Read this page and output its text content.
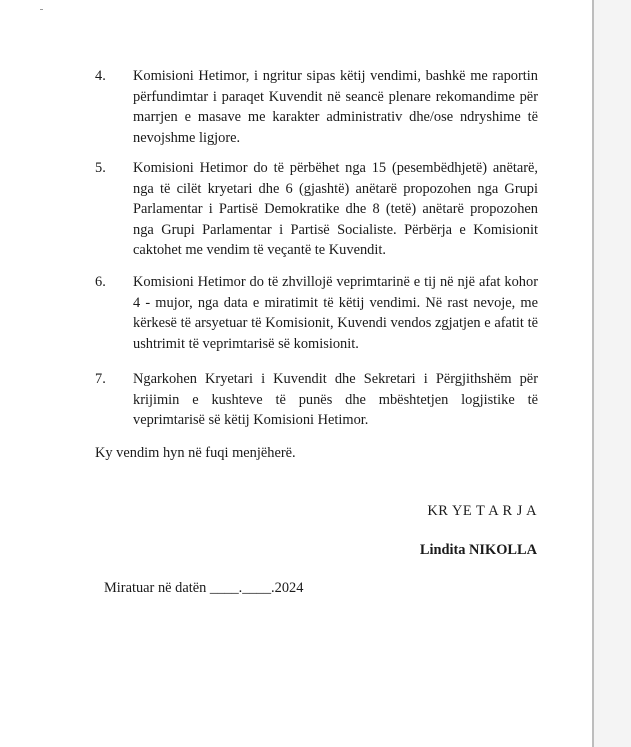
4. Komisioni Hetimor, i ngritur sipas këtij vendimi, bashkë me raportin përfundimtar i paraqet Kuvendit në seancë plenare rekomandime për marrjen e masave me karakter administrativ dhe/ose ndryshime të nevojshme ligjore.
5. Komisioni Hetimor do të përbëhet nga 15 (pesembëdhjetë) anëtarë, nga të cilët kryetari dhe 6 (gjashtë) anëtarë propozohen nga Grupi Parlamentar i Partisë Demokratike dhe 8 (tetë) anëtarë propozohen nga Grupi Parlamentar i Partisë Socialiste. Përbërja e Komisionit caktohet me vendim të veçantë te Kuvendit.
6. Komisioni Hetimor do të zhvillojë veprimtarinë e tij në një afat kohor 4 - mujor, nga data e miratimit të këtij vendimi. Në rast nevoje, me kërkesë të arsyetuar të Komisionit, Kuvendi vendos zgjatjen e afatit të ushtrimit të veprimtarisë së komisionit.
7. Ngarkohen Kryetari i Kuvendit dhe Sekretari i Përgjithshëm për krijimin e kushteve të punës dhe mbështetjen logjistike të veprimtarisë së këtij Komisioni Hetimor.
Ky vendim hyn në fuqi menjëherë.
KR YE T A R J A
Lindita NIKOLLA
Miratuar në datën ____.____.2024
